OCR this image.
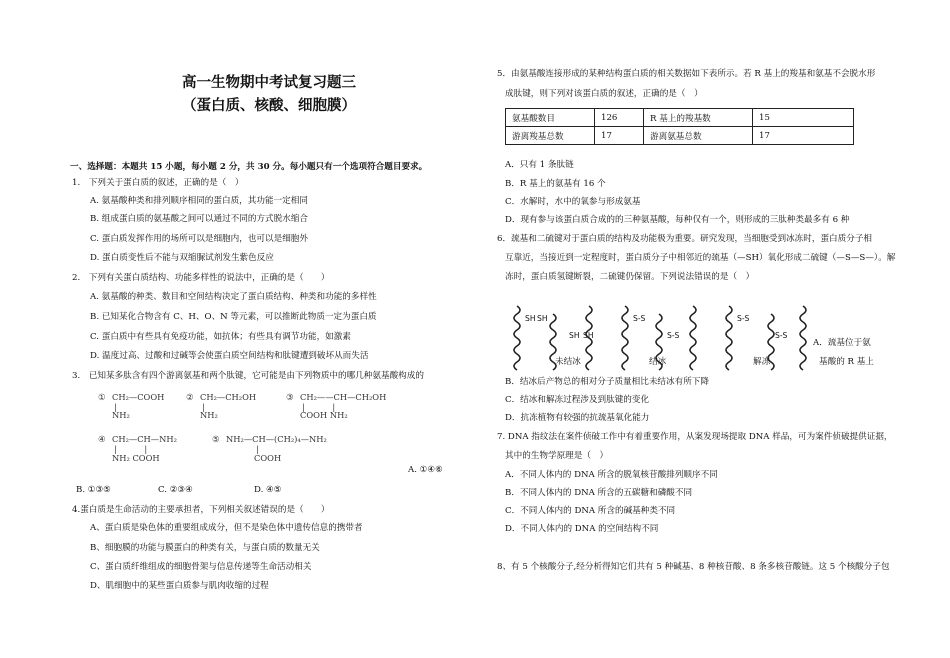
高一生物期中考试复习题三
（蛋白质、核酸、细胞膜）
一、选择题：本题共 15 小题，每小题 2 分，共 30 分。每小题只有一个选项符合题目要求。
1.　下列关于蛋白质的叙述，正确的是（　）
A. 氨基酸种类和排列顺序相同的蛋白质，其功能一定相同
B. 组成蛋白质的氨基酸之间可以通过不同的方式脱水缩合
C. 蛋白质发挥作用的场所可以是细胞内，也可以是细胞外
D. 蛋白质变性后不能与双缩脲试剂发生紫色反应
2.　下列有关蛋白质结构、功能多样性的说法中，正确的是（　　）
A. 氨基酸的种类、数目和空间结构决定了蛋白质结构、种类和功能的多样性
B. 已知某化合物含有 C、H、O、N 等元素，可以推断此物质一定为蛋白质
C. 蛋白质中有些具有免疫功能，如抗体；有些具有调节功能，如激素
D. 温度过高、过酸和过碱等会使蛋白质空间结构和肽键遭到破坏从而失活
3.　已知某多肽含有四个游离氨基和两个肽键，它可能是由下列物质中的哪几种氨基酸构成的
① CH₂—COOH
|
NH₂
② CH₂—CH₂OH
|
NH₂
③ CH₂——CH—CH₂OH
|　　　 |
COOH NH₂
④ CH₂—CH—NH₂
|　　　 |
NH₂ COOH
⑤ NH₂—CH—(CH₂)₄—NH₂
|
COOH
A. ①④⑥
B. ①③⑤	C. ②③④	D. ④⑤
4.蛋白质是生命活动的主要承担者，下列相关叙述错误的是（　　）
A、蛋白质是染色体的重要组成成分，但不是染色体中遗传信息的携带者
B、细胞膜的功能与膜蛋白的种类有关，与蛋白质的数量无关
C、蛋白质纤维组成的细胞骨架与信息传递等生命活动相关
D、肌细胞中的某些蛋白质参与肌肉收缩的过程
5．由氨基酸连接形成的某种结构蛋白质的相关数据如下表所示。若 R 基上的羧基和氨基不会脱水形
成肽键，则下列对该蛋白质的叙述，正确的是（　）
氨基酸数目	126	R 基上的羧基数	15
游离羧基总数	17	游离氨基总数	17
A．只有 1 条肽链
B．R 基上的氨基有 16 个
C．水解时，水中的氧参与形成氨基
D．现有参与该蛋白质合成的的三种氨基酸，每种仅有一个，则形成的三肽种类最多有 6 种
6．巯基和二硫键对于蛋白质的结构及功能极为重要。研究发现，当细胞受到冰冻时，蛋白质分子相
互靠近，当接近到一定程度时，蛋白质分子中相邻近的巯基（—SH）氧化形成二硫键（—S—S—）。解
冻时，蛋白质氢键断裂，二硫键仍保留。下列说法错误的是（　）
SH SH
SH SH
S-S
S-S
S-S
S-S
未结冰	结冰	解冻
A．巯基位于氨
基酸的 R 基上
B．结冰后产物总的相对分子质量相比未结冰有所下降
C．结冰和解冻过程涉及到肽键的变化
D．抗冻植物有较强的抗巯基氧化能力
7. DNA 指纹法在案件侦破工作中有着重要作用，从案发现场提取 DNA 样品，可为案件侦破提供证据，
其中的生物学原理是（　）
A．不同人体内的 DNA 所含的脱氧核苷酸排列顺序不同
B．不同人体内的 DNA 所含的五碳糖和磷酸不同
C．不同人体内的 DNA 所含的碱基种类不同
D．不同人体内的 DNA 的空间结构不同
8、有 5 个核酸分子,经分析得知它们共有 5 种碱基、8 种核苷酸、8 条多核苷酸链。这 5 个核酸分子包
